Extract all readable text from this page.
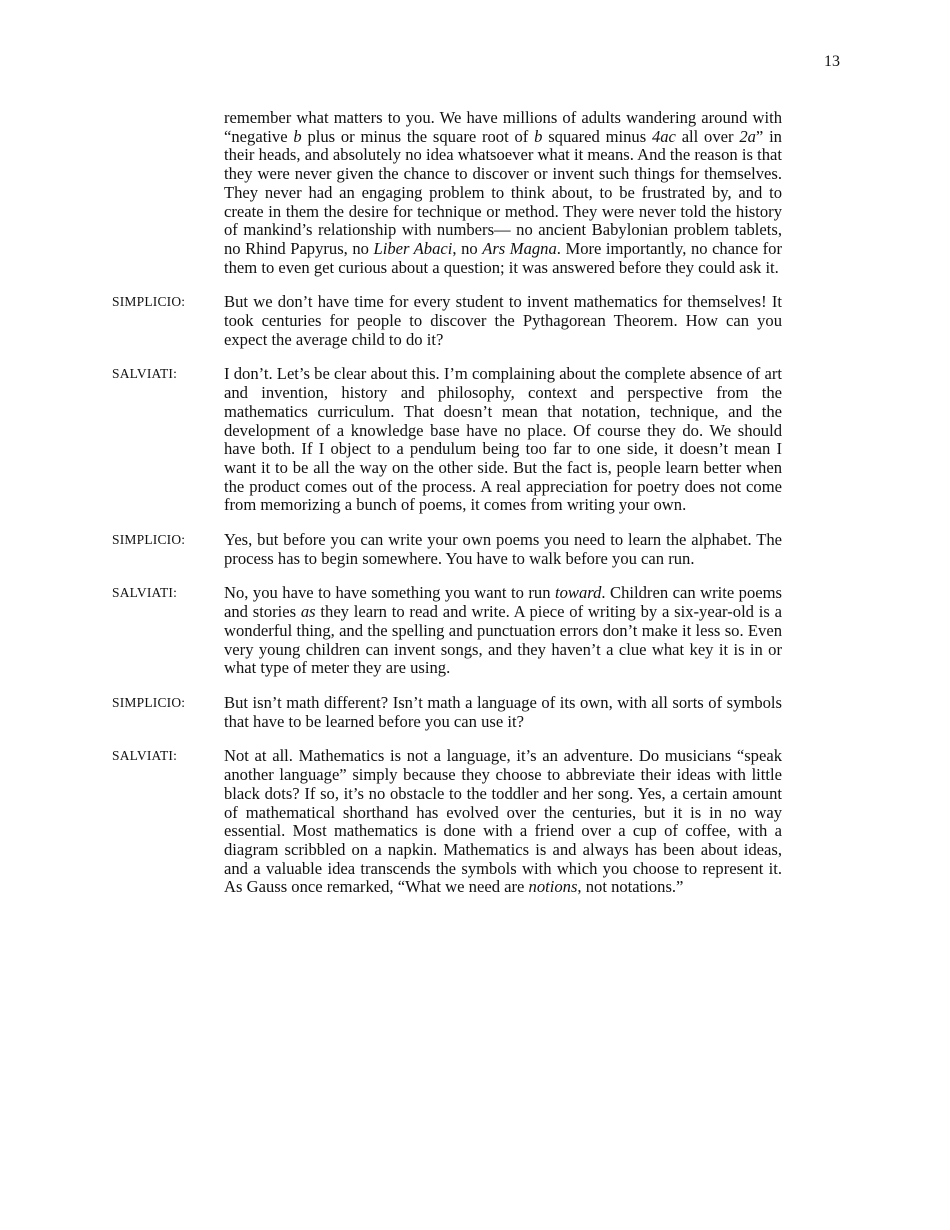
13
remember what matters to you. We have millions of adults wandering around with “negative b plus or minus the square root of b squared minus 4ac all over 2a” in their heads, and absolutely no idea whatsoever what it means. And the reason is that they were never given the chance to discover or invent such things for themselves. They never had an engaging problem to think about, to be frustrated by, and to create in them the desire for technique or method. They were never told the history of mankind’s relationship with numbers— no ancient Babylonian problem tablets, no Rhind Papyrus, no Liber Abaci, no Ars Magna. More importantly, no chance for them to even get curious about a question; it was answered before they could ask it.
SIMPLICIO: But we don’t have time for every student to invent mathematics for themselves! It took centuries for people to discover the Pythagorean Theorem. How can you expect the average child to do it?
SALVIATI:	I don’t. Let’s be clear about this. I’m complaining about the complete absence of art and invention, history and philosophy, context and perspective from the mathematics curriculum. That doesn’t mean that notation, technique, and the development of a knowledge base have no place. Of course they do. We should have both. If I object to a pendulum being too far to one side, it doesn’t mean I want it to be all the way on the other side. But the fact is, people learn better when the product comes out of the process. A real appreciation for poetry does not come from memorizing a bunch of poems, it comes from writing your own.
SIMPLICIO: Yes, but before you can write your own poems you need to learn the alphabet. The process has to begin somewhere. You have to walk before you can run.
SALVIATI:	No, you have to have something you want to run toward. Children can write poems and stories as they learn to read and write. A piece of writing by a six-year-old is a wonderful thing, and the spelling and punctuation errors don’t make it less so. Even very young children can invent songs, and they haven’t a clue what key it is in or what type of meter they are using.
SIMPLICIO: But isn’t math different? Isn’t math a language of its own, with all sorts of symbols that have to be learned before you can use it?
SALVIATI:	Not at all. Mathematics is not a language, it’s an adventure. Do musicians “speak another language” simply because they choose to abbreviate their ideas with little black dots? If so, it’s no obstacle to the toddler and her song. Yes, a certain amount of mathematical shorthand has evolved over the centuries, but it is in no way essential. Most mathematics is done with a friend over a cup of coffee, with a diagram scribbled on a napkin. Mathematics is and always has been about ideas, and a valuable idea transcends the symbols with which you choose to represent it. As Gauss once remarked, “What we need are notions, not notations.”
